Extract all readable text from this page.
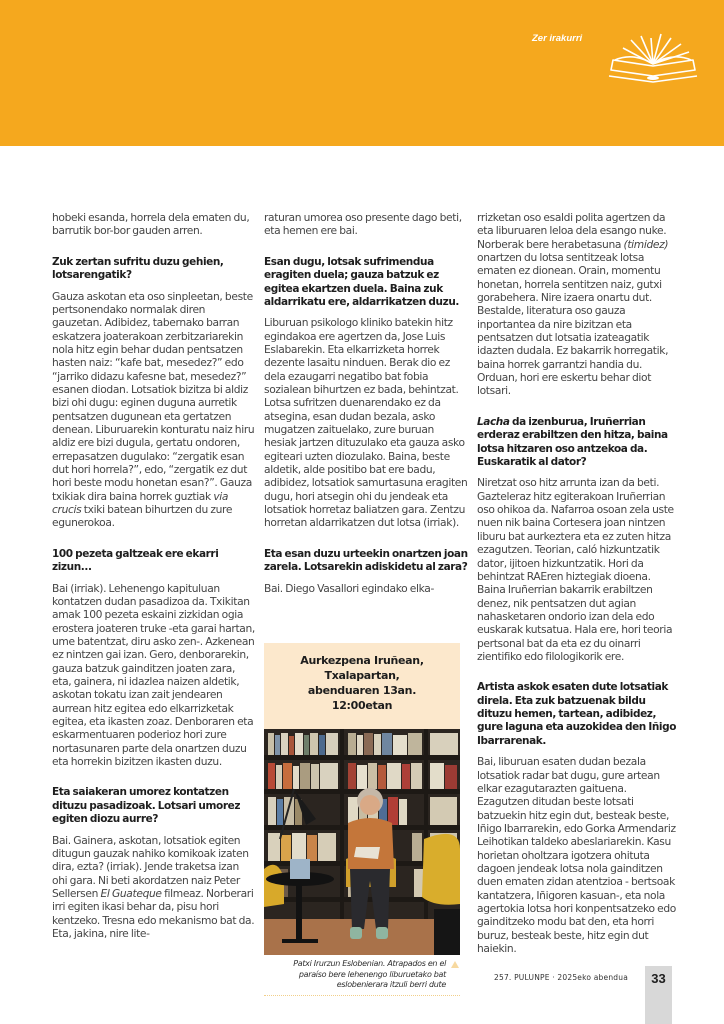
Zer irakurri

hobeki esanda, horrela dela ematen du, barrutik bor-bor gauden arren.

Zuk zertan sufritu duzu gehien, lotsarengatik?

Gauza askotan eta oso sinpleetan, beste pertsonendako normalak diren gauzetan. Adibidez, tabernako barran eskatzera joaterakoan zerbitzariarekin nola hitz egin behar dudan pentsatzen hasten naiz: “kafe bat, mesedez?” edo “jarriko didazu kafesne bat, mesedez?” esanen diodan. Lotsatiok bizitza bi aldiz bizi ohi dugu: eginen duguna aurretik pentsatzen dugunean eta gertatzen denean. Liburuarekin konturatu naiz hiru aldiz ere bizi dugula, gertatu ondoren, errepasatzen dugulako: “zergatik esan dut hori horrela?”, edo, “zergatik ez dut hori beste modu honetan esan?”. Gauza txikiak dira baina horrek guztiak via crucis txiki batean bihurtzen du zure egunerokoa.

100 pezeta galtzeak ere ekarri zizun...

Bai (irriak). Lehenengo kapituluan kontatzen dudan pasadizoa da. Txikitan amak 100 pezeta eskaini zizkidan ogia erostera joateren truke -eta garai hartan, ume batentzat, diru asko zen-. Azkenean ez nintzen gai izan. Gero, denborarekin, gauza batzuk gainditzen joaten zara, eta, gainera, ni idazlea naizen aldetik, askotan tokatu izan zait jendearen aurrean hitz egitea edo elkarrizketak egitea, eta ikasten zoaz. Denboraren eta eskarmentuaren poderioz hori zure nortasunaren parte dela onartzen duzu eta horrekin bizitzen ikasten duzu.

Eta saiakeran umorez kontatzen dituzu pasadizoak. Lotsari umorez egiten diozu aurre?

Bai. Gainera, askotan, lotsatiok egiten ditugun gauzak nahiko komikoak izaten dira, ezta? (irriak). Jende traketsa izan ohi gara. Ni beti akordatzen naiz Peter Sellersen El Guateque filmeaz. Norberari irri egiten ikasi behar da, pisu hori kentzeko. Tresna edo mekanismo bat da. Eta, jakina, nire lite-

raturan umorea oso presente dago beti, eta hemen ere bai.

Esan dugu, lotsak sufrimendua eragiten duela; gauza batzuk ez egitea ekartzen duela. Baina zuk aldarrikatu ere, aldarrikatzen duzu.

Liburuan psikologo kliniko batekin hitz egindakoa ere agertzen da, Jose Luis Eslabarekin. Eta elkarrizketa horrek dezente lasaitu ninduen. Berak dio ez dela ezaugarri negatibo bat fobia sozialean bihurtzen ez bada, behintzat. Lotsa sufritzen duenarendako ez da atsegina, esan dudan bezala, asko mugatzen zaituelako, zure buruan hesiak jartzen dituzulako eta gauza asko egiteari uzten diozulako. Baina, beste aldetik, alde positibo bat ere badu, adibidez, lotsatiok samurtasuna eragiten dugu, hori atsegin ohi du jendeak eta lotsatiok horretaz baliatzen gara. Zentzu horretan aldarrikatzen dut lotsa (irriak).

Eta esan duzu urteekin onartzen joan zarela. Lotsarekin adiskidetu al zara?

Bai. Diego Vasallori egindako elka-

Aurkezpena Iruñean,
Txalapartan,
abenduaren 13an.
12:00etan
Patxi Irurzun Eslobenian. Atrapados en el paraíso bere lehenengo liburuetako bat eslobenierara itzuli berri dute

rrizketan oso esaldi polita agertzen da eta liburuaren leloa dela esango nuke. Norberak bere herabetasuna (timidez) onartzen du lotsa sentitzeak lotsa ematen ez dionean. Orain, momentu honetan, horrela sentitzen naiz, gutxi gorabehera. Nire izaera onartu dut. Bestalde, literatura oso gauza inportantea da nire bizitzan eta pentsatzen dut lotsatia izateagatik idazten dudala. Ez bakarrik horregatik, baina horrek garrantzi handia du. Orduan, hori ere eskertu behar diot lotsari.

Lacha da izenburua, Iruñerrian erderaz erabiltzen den hitza, baina lotsa hitzaren oso antzekoa da. Euskaratik al dator?

Niretzat oso hitz arrunta izan da beti. Gazteleraz hitz egiterakoan Iruñerrian oso ohikoa da. Nafarroa osoan zela uste nuen nik baina Cortesera joan nintzen liburu bat aurkeztera eta ez zuten hitza ezagutzen. Teorian, caló hizkuntzatik dator, ijitoen hizkuntzatik. Hori da behintzat RAEren hiztegiak dioena. Baina Iruñerrian bakarrik erabiltzen denez, nik pentsatzen dut agian nahasketaren ondorio izan dela edo euskarak kutsatua. Hala ere, hori teoria pertsonal bat da eta ez du oinarri zientifiko edo filologikorik ere.

Artista askok esaten dute lotsatiak direla. Eta zuk batzuenak bildu dituzu hemen, tartean, adibidez, gure laguna eta auzokidea den Iñigo Ibarrarenak.

Bai, liburuan esaten dudan bezala lotsatiok radar bat dugu, gure artean elkar ezagutarazten gaituena. Ezagutzen ditudan beste lotsati batzuekin hitz egin dut, besteak beste, Iñigo Ibarrarekin, edo Gorka Armendariz Leihotikan taldeko abeslariarekin. Kasu horietan oholtzara igotzera ohituta dagoen jendeak lotsa nola gainditzen duen ematen zidan atentzioa - bertsoak kantatzera, Iñigoren kasuan-, eta nola agertokia lotsa hori konpentsatzeko edo gainditzeko modu bat den, eta horri buruz, besteak beste, hitz egin dut haiekin.

257. PULUNPE · 2025eko abendua	33
